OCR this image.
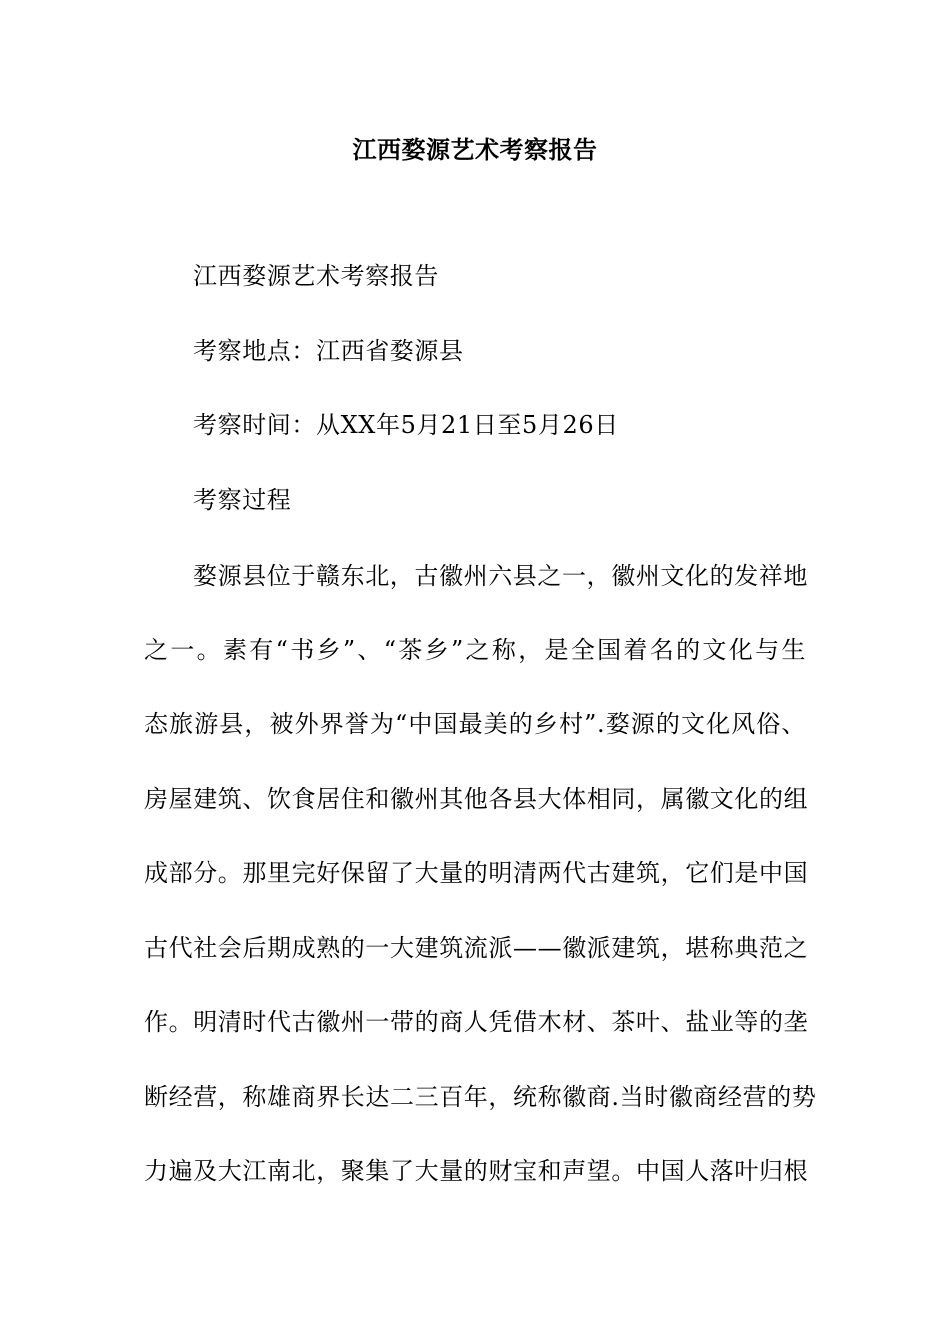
江西婺源艺术考察报告
江西婺源艺术考察报告
考察地点：江西省婺源县
考察时间：从XX年5月21日至5月26日
考察过程
婺源县位于赣东北，古徽州六县之一，徽州文化的发祥地
之一。素有“书乡”、“茶乡”之称，是全国着名的文化与生
态旅游县，被外界誉为“中国最美的乡村”.婺源的文化风俗、
房屋建筑、饮食居住和徽州其他各县大体相同，属徽文化的组
成部分。那里完好保留了大量的明清两代古建筑，它们是中国
古代社会后期成熟的一大建筑流派——徽派建筑，堪称典范之
作。明清时代古徽州一带的商人凭借木材、茶叶、盐业等的垄
断经营，称雄商界长达二三百年，统称徽商.当时徽商经营的势
力遍及大江南北，聚集了大量的财宝和声望。中国人落叶归根
